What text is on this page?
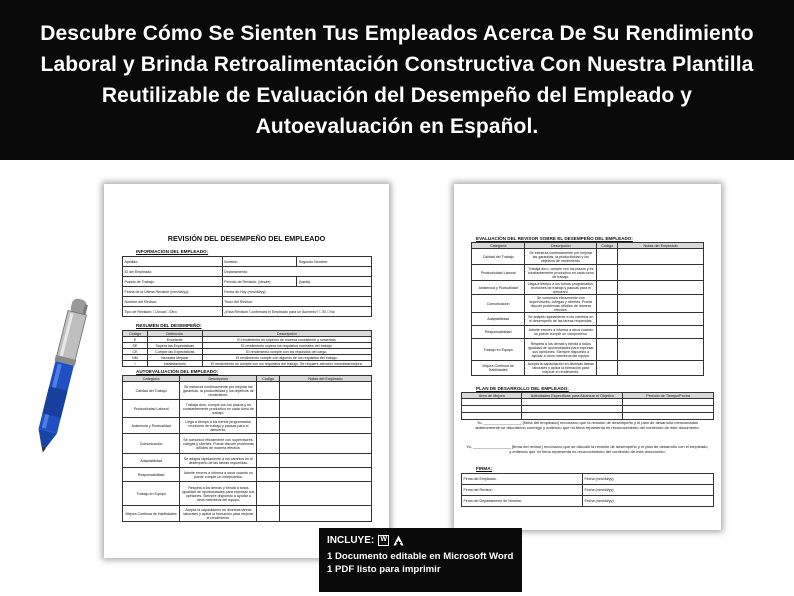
Descubre Cómo Se Sienten Tus Empleados Acerca De Su Rendimiento Laboral y Brinda Retroalimentación Constructiva Con Nuestra Plantilla Reutilizable de Evaluación del Desempeño del Empleado y Autoevaluación en Español.
REVISIÓN DEL DESEMPEÑO DEL EMPLEADO
INFORMACIÓN DEL EMPLEADO:
Apellido:	Nombre:	Segundo Nombre:
ID del Empleado:	Departamento:	
Puesto de Trabajo:	Periodo de Revisión: (desde):	(hasta):
Fecha de la Última Revisión (mm/dd/yy):	Fecha de Hoy (mm/dd/yy):	
Nombre del Revisor:	Título del Revisor:	
Tipo de Revisión: ☐Anual ☐Otro	¿Esta Revisión Confirmará el Empleado para un Aumento? ☐Sí ☐No	
RESUMEN DEL DESEMPEÑO:
Código	Definición	Descripción
E	Excelente	El rendimiento es superior de manera consistente y sostenida.
SE	Supera las Expectativas	El rendimiento supera los requisitos normales del trabajo.
CE	Cumple las Expectativas	El rendimiento cumple con los requisitos del cargo.
NM	Necesita Mejorar	El rendimiento cumple con algunos de los requisitos del trabajo.
I	Insatisfactorio	El rendimiento no cumple con los requisitos del trabajo. Se requiere atención inmediata/mejora.
AUTOEVALUACIÓN DEL EMPLEADO:
Categoría	Descripción	Código	Notas del Empleado
Calidad del Trabajo	Se esfuerza continuamente por mejorar las garantías, la productividad y los objetivos de rendimiento.		
Productividad Laboral	Trabaja duro, cumple con los plazos y es constantemente productivo en cada turno de trabajo.		
Asistencia y Puntualidad	Llega a tiempo a los turnos programados, reuniones de trabajo y pausas para el almuerzo.		
Comunicación	Se comunica eficazmente con supervisores, colegas y clientes. Puede discutir problemas difíciles de manera efectiva.		
Adaptabilidad	Se adapta rápidamente a los cambios en el desempeño de las tareas requeridas.		
Responsabilidad	Admite errores a informa a otros cuando no puede cumplir un compromiso.		
Trabajo en Equipo	Respeta a los demás y brinda a todos igualdad de oportunidades para expresar sus opiniones. Siempre dispuesto a ayudar a otros miembros del equipo.		
Mejora Continua de Habilidades	Acepta la capacitación en diversas tareas laborales y aplica la formación para mejorar el rendimiento.		
EVALUACIÓN DEL REVISOR SOBRE EL DESEMPEÑO DEL EMPLEADO:
Categoría	Descripción	Código	Notas del Empleado
Calidad del Trabajo	Se esfuerza continuamente por mejorar las garantías, la productividad y los objetivos de rendimiento.		
Productividad Laboral	Trabaja duro, cumple con los plazos y es constantemente productivo en cada turno de trabajo.		
Asistencia y Puntualidad	Llega a tiempo a los turnos programados, reuniones de trabajo y pausas para el almuerzo.		
Comunicación	Se comunica eficazmente con supervisores, colegas y clientes. Puede discutir problemas difíciles de manera efectiva.		
Adaptabilidad	Se adapta rápidamente a los cambios en el desempeño de las tareas requeridas.		
Responsabilidad	Admite errores a informa a otros cuando no puede cumplir un compromiso.		
Trabajo en Equipo	Respeta a los demás y brinda a todos igualdad de oportunidades para expresar sus opiniones. Siempre dispuesto a ayudar a otros miembros del equipo.		
Mejora Continua de Habilidades	Acepta la capacitación en diversas tareas laborales y aplica la formación para mejorar el rendimiento.		
PLAN DE DESARROLLO DEL EMPLEADO:
Área de Mejora	Actividades Específicas para Alcanzar el Objetivo	Período de Tiempo/Fecha

Yo, _________________ [firma del empleado] reconozco que la revisión de desempeño y el plan de desarrollo mencionados anteriormente se discutieron conmigo y entiendo que mi firma representa mi reconocimiento del contenido de este documento.
Yo, _________________ [firma del revisor] reconozco que se discutió la revisión de desempeño y el plan de desarrollo con el empleado, y entiendo que mi firma representa mi reconocimiento del contenido de este documento.
FIRMA:
Firma del Empleado:	Fecha (mm/dd/yy):
Firma del Revisor:	Fecha (mm/dd/yy):
Firma del Departamento de Nómina:	Fecha (mm/dd/yy):
INCLUYE: W
1 Documento editable en Microsoft Word
1 PDF listo para imprimir
